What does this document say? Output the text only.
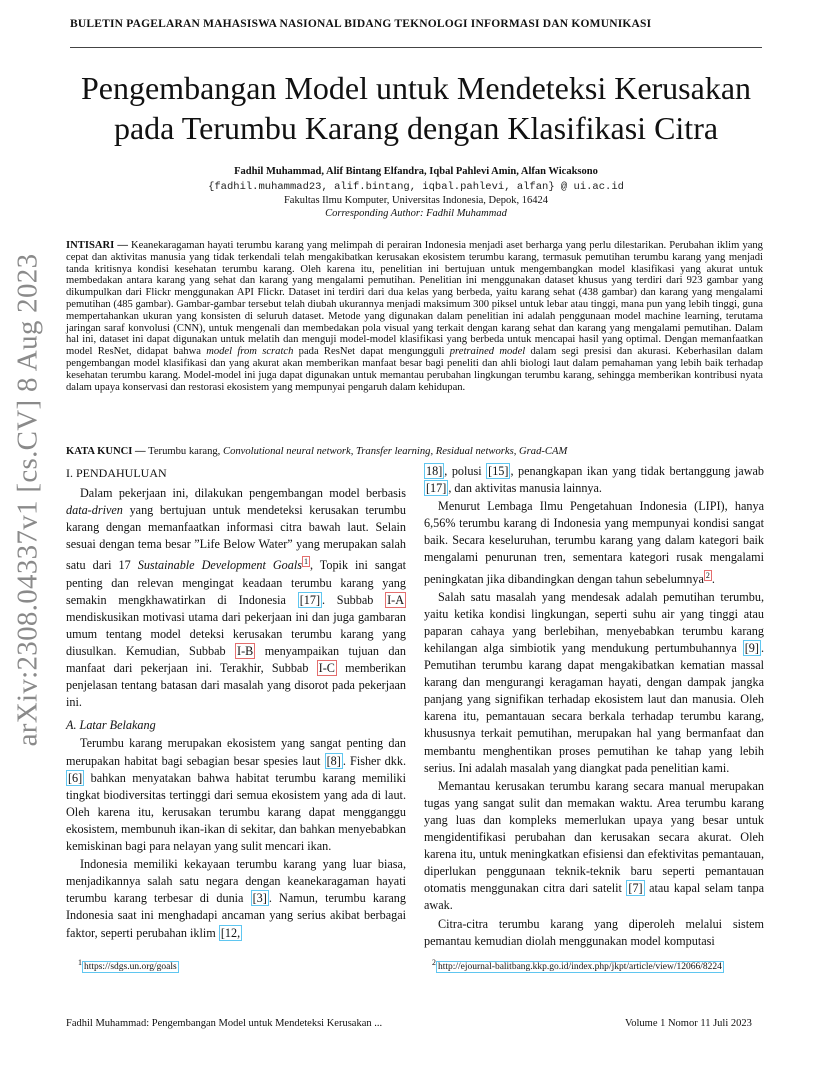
BULETIN PAGELARAN MAHASISWA NASIONAL BIDANG TEKNOLOGI INFORMASI DAN KOMUNIKASI
arXiv:2308.04337v1 [cs.CV] 8 Aug 2023
Pengembangan Model untuk Mendeteksi Kerusakan pada Terumbu Karang dengan Klasifikasi Citra
Fadhil Muhammad, Alif Bintang Elfandra, Iqbal Pahlevi Amin, Alfan Wicaksono
{fadhil.muhammad23, alif.bintang, iqbal.pahlevi, alfan} @ ui.ac.id
Fakultas Ilmu Komputer, Universitas Indonesia, Depok, 16424
Corresponding Author: Fadhil Muhammad
INTISARI — Keanekaragaman hayati terumbu karang yang melimpah di perairan Indonesia menjadi aset berharga yang perlu dilestarikan. Perubahan iklim yang cepat dan aktivitas manusia yang tidak terkendali telah mengakibatkan kerusakan ekosistem terumbu karang, termasuk pemutihan terumbu karang yang menjadi tanda kritisnya kondisi kesehatan terumbu karang. Oleh karena itu, penelitian ini bertujuan untuk mengembangkan model klasifikasi yang akurat untuk membedakan antara karang yang sehat dan karang yang mengalami pemutihan. Penelitian ini menggunakan dataset khusus yang terdiri dari 923 gambar yang dikumpulkan dari Flickr menggunakan API Flickr. Dataset ini terdiri dari dua kelas yang berbeda, yaitu karang sehat (438 gambar) dan karang yang mengalami pemutihan (485 gambar). Gambar-gambar tersebut telah diubah ukurannya menjadi maksimum 300 piksel untuk lebar atau tinggi, mana pun yang lebih tinggi, guna mempertahankan ukuran yang konsisten di seluruh dataset. Metode yang digunakan dalam penelitian ini adalah penggunaan model machine learning, terutama jaringan saraf konvolusi (CNN), untuk mengenali dan membedakan pola visual yang terkait dengan karang sehat dan karang yang mengalami pemutihan. Dalam hal ini, dataset ini dapat digunakan untuk melatih dan menguji model-model klasifikasi yang berbeda untuk mencapai hasil yang optimal. Dengan memanfaatkan model ResNet, didapat bahwa model from scratch pada ResNet dapat mengungguli pretrained model dalam segi presisi dan akurasi. Keberhasilan dalam pengembangan model klasifikasi dan yang akurat akan memberikan manfaat besar bagi peneliti dan ahli biologi laut dalam pemahaman yang lebih baik terhadap kesehatan terumbu karang. Model-model ini juga dapat digunakan untuk memantau perubahan lingkungan terumbu karang, sehingga memberikan kontribusi nyata dalam upaya konservasi dan restorasi ekosistem yang mempunyai pengaruh dalam kehidupan.
KATA KUNCI — Terumbu karang, Convolutional neural network, Transfer learning, Residual networks, Grad-CAM
I. PENDAHULUAN

Dalam pekerjaan ini, dilakukan pengembangan model berbasis data-driven yang bertujuan untuk mendeteksi kerusakan terumbu karang dengan memanfaatkan informasi citra bawah laut. Selain sesuai dengan tema besar ”Life Below Water” yang merupakan salah satu dari 17 Sustainable Development Goals $^1$ , Topik ini sangat penting dan relevan mengingat keadaan terumbu karang yang semakin mengkhawatirkan di Indonesia [17] . Subbab I-A mendiskusikan motivasi utama dari pekerjaan ini dan juga gambaran umum tentang model deteksi kerusakan terumbu karang yang diusulkan. Kemudian, Subbab I-B menyampaikan tujuan dan manfaat dari pekerjaan ini. Terakhir, Subbab I-C memberikan penjelasan tentang batasan dari masalah yang disorot pada pekerjaan ini.

A. Latar Belakang

Terumbu karang merupakan ekosistem yang sangat penting dan merupakan habitat bagi sebagian besar spesies laut [8] . Fisher dkk. [6] bahkan menyatakan bahwa habitat terumbu karang memiliki tingkat biodiversitas tertinggi dari semua ekosistem yang ada di laut. Oleh karena itu, kerusakan terumbu karang dapat mengganggu ekosistem, membunuh ikan-ikan di sekitar, dan bahkan menyebabkan kemiskinan bagi para nelayan yang sulit mencari ikan.

Indonesia memiliki kekayaan terumbu karang yang luar biasa, menjadikannya salah satu negara dengan keanekaragaman hayati terumbu karang terbesar di dunia [3] . Namun, terumbu karang Indonesia saat ini menghadapi ancaman yang serius akibat berbagai faktor, seperti perubahan iklim [12,

18] , polusi [15] , penangkapan ikan yang tidak bertanggung jawab [17] , dan aktivitas manusia lainnya.

Menurut Lembaga Ilmu Pengetahuan Indonesia (LIPI), hanya 6,56% terumbu karang di Indonesia yang mempunyai kondisi sangat baik. Secara keseluruhan, terumbu karang yang dalam kategori baik mengalami penurunan tren, sementara kategori rusak mengalami peningkatan jika dibandingkan dengan tahun sebelumnya $^2$ .

Salah satu masalah yang mendesak adalah pemutihan terumbu, yaitu ketika kondisi lingkungan, seperti suhu air yang tinggi atau paparan cahaya yang berlebihan, menyebabkan terumbu karang kehilangan alga simbiotik yang mendukung pertumbuhannya [9] . Pemutihan terumbu karang dapat mengakibatkan kematian massal karang dan mengurangi keragaman hayati, dengan dampak jangka panjang yang signifikan terhadap ekosistem laut dan manusia. Oleh karena itu, pemantauan secara berkala terhadap terumbu karang, khususnya terkait pemutihan, merupakan hal yang bermanfaat dan membantu menghentikan proses pemutihan ke tahap yang lebih serius. Ini adalah masalah yang diangkat pada penelitian kami.

Memantau kerusakan terumbu karang secara manual merupakan tugas yang sangat sulit dan memakan waktu. Area terumbu karang yang luas dan kompleks memerlukan upaya yang besar untuk mengidentifikasi perubahan dan kerusakan secara akurat. Oleh karena itu, untuk meningkatkan efisiensi dan efektivitas pemantauan, diperlukan penggunaan teknik-teknik baru seperti pemantauan otomatis menggunakan citra dari satelit [7] atau kapal selam tanpa awak.

Citra-citra terumbu karang yang diperoleh melalui sistem pemantau kemudian diolah menggunakan model komputasi

$^1$ https://sdgs.un.org/goals	$^2$ http://ejournal-balitbang.kkp.go.id/index.php/jkpt/article/view/12066/8224
Fadhil Muhammad: Pengembangan Model untuk Mendeteksi Kerusakan ...	Volume 1 Nomor 11 Juli 2023
